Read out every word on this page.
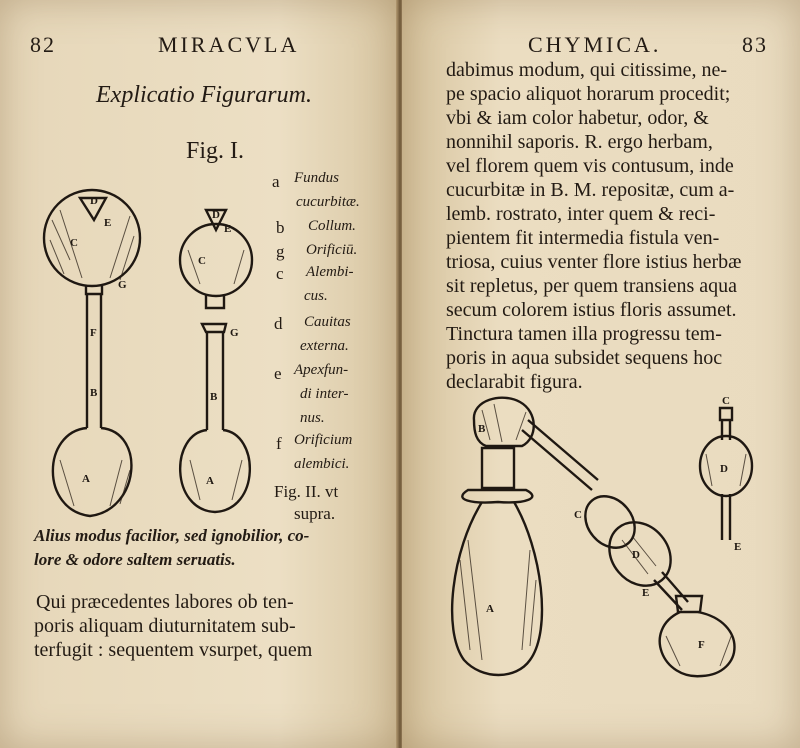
82	MIRACVLA
Explicatio Figurarum.
Fig. I.
a Fundus
cucurbitæ.
b Collum.
g Orificiū.
c Alembi-
cus.
d Cauitas
externa.
e Apexfun-
di inter-
nus.
f Orificium
alembici.
Fig. II. vt
supra.
D
E
C
G
F
B
A
D
E
C
G
B
A
Alius modus facilior, sed ignobilior, co-
lore & odore saltem seruatis.
Qui præcedentes labores ob ten-
poris aliquam diuturnitatem sub-
terfugit : sequentem vsurpet, quem
CHYMICA.	83
dabimus modum, qui citissime, ne-
pe spacio aliquot horarum procedit;
vbi & iam color habetur, odor, &
nonnihil saporis. R. ergo herbam,
vel florem quem vis contusum, inde
cucurbitæ in B. M. repositæ, cum a-
lemb. rostrato, inter quem & reci-
pientem fit intermedia fistula ven-
triosa, cuius venter flore istius herbæ
sit repletus, per quem transiens aqua
secum colorem istius floris assumet.
Tinctura tamen illa progressu tem-
poris in aqua subsidet sequens hoc
declarabit figura.
B
A
C
D
E
F
C
D
E
